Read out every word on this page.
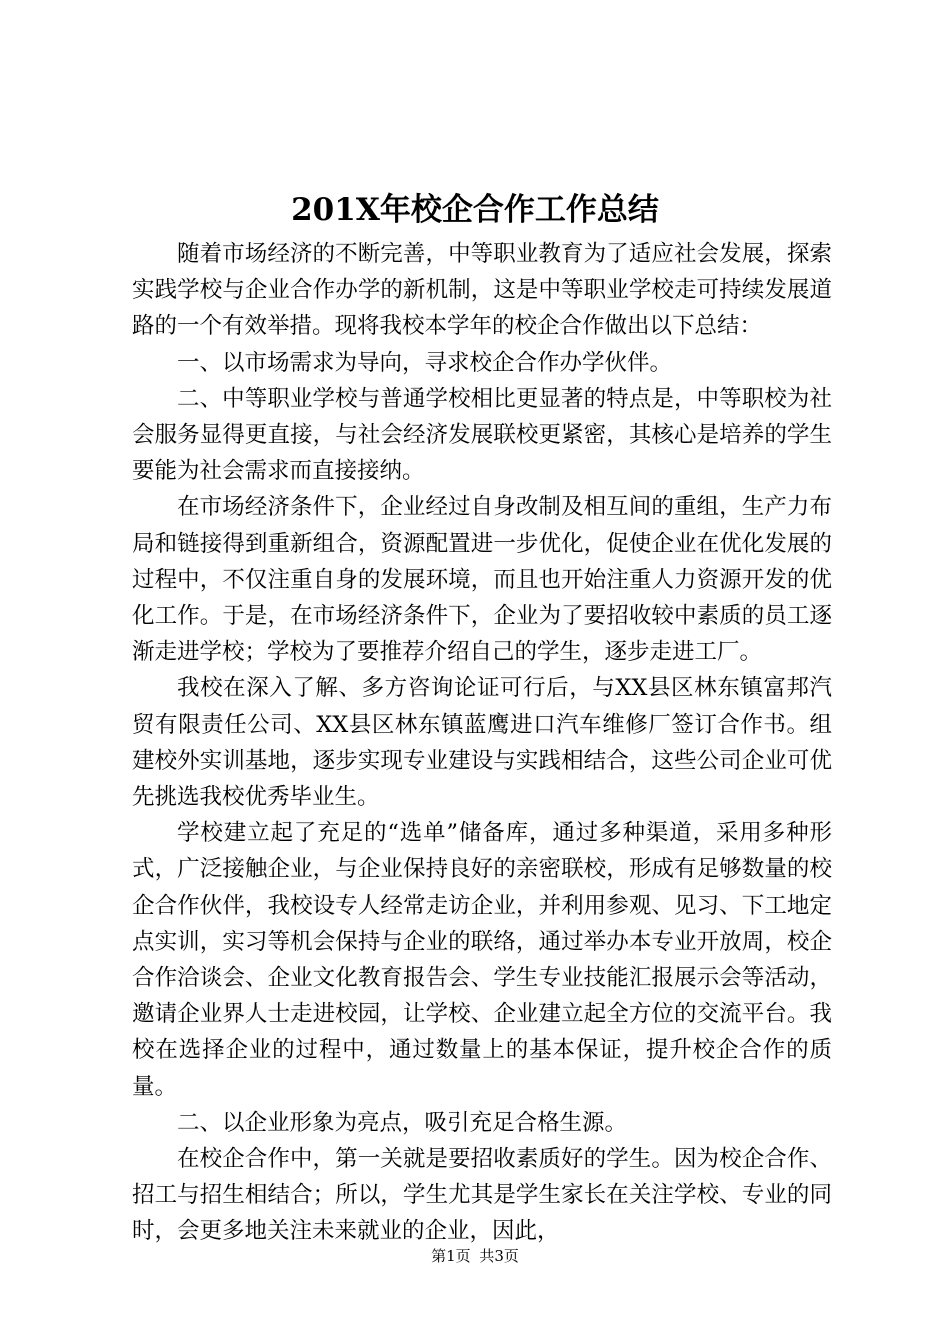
201X年校企合作工作总结

随着市场经济的不断完善，中等职业教育为了适应社会发展，探索实践学校与企业合作办学的新机制，这是中等职业学校走可持续发展道路的一个有效举措。现将我校本学年的校企合作做出以下总结：

一、以市场需求为导向，寻求校企合作办学伙伴。

二、中等职业学校与普通学校相比更显著的特点是，中等职校为社会服务显得更直接，与社会经济发展联校更紧密，其核心是培养的学生要能为社会需求而直接接纳。

在市场经济条件下，企业经过自身改制及相互间的重组，生产力布局和链接得到重新组合，资源配置进一步优化，促使企业在优化发展的过程中，不仅注重自身的发展环境，而且也开始注重人力资源开发的优化工作。于是，在市场经济条件下，企业为了要招收较中素质的员工逐渐走进学校；学校为了要推荐介绍自己的学生，逐步走进工厂。

我校在深入了解、多方咨询论证可行后，与XX县区林东镇富邦汽贸有限责任公司、XX县区林东镇蓝鹰进口汽车维修厂签订合作书。组建校外实训基地，逐步实现专业建设与实践相结合，这些公司企业可优先挑选我校优秀毕业生。

学校建立起了充足的“选单”储备库，通过多种渠道，采用多种形式，广泛接触企业，与企业保持良好的亲密联校，形成有足够数量的校企合作伙伴，我校设专人经常走访企业，并利用参观、见习、下工地定点实训，实习等机会保持与企业的联络，通过举办本专业开放周，校企合作洽谈会、企业文化教育报告会、学生专业技能汇报展示会等活动，邀请企业界人士走进校园，让学校、企业建立起全方位的交流平台。我校在选择企业的过程中，通过数量上的基本保证，提升校企合作的质量。

二、以企业形象为亮点，吸引充足合格生源。

在校企合作中，第一关就是要招收素质好的学生。因为校企合作、招工与招生相结合；所以，学生尤其是学生家长在关注学校、专业的同时，会更多地关注未来就业的企业，因此，

第1页 共3页
